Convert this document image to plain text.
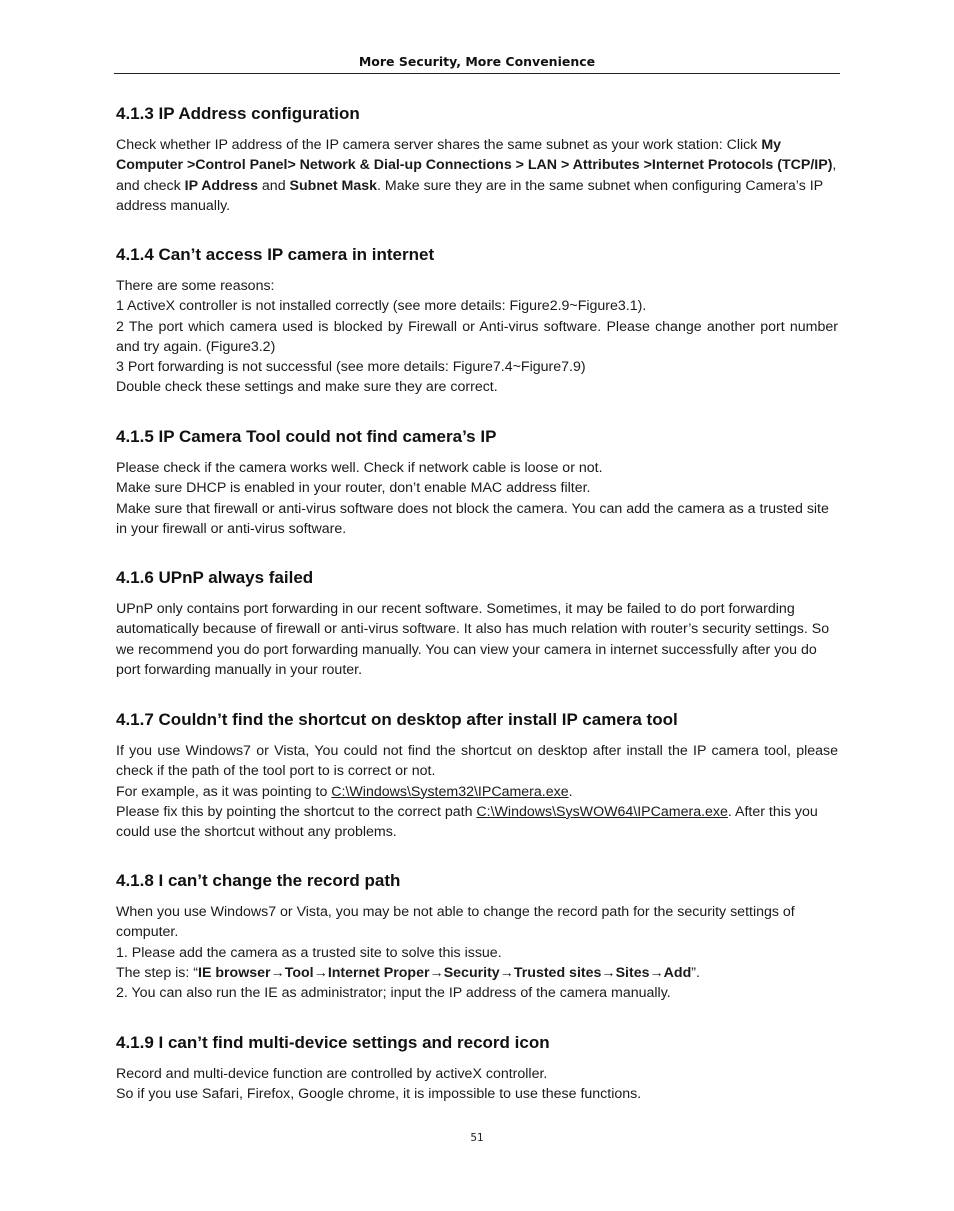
More Security, More Convenience
4.1.3 IP Address configuration

Check whether IP address of the IP camera server shares the same subnet as your work station: Click My Computer >Control Panel> Network & Dial-up Connections > LAN > Attributes >Internet Protocols (TCP/IP), and check IP Address and Subnet Mask. Make sure they are in the same subnet when configuring Camera’s IP address manually.

4.1.4 Can’t access IP camera in internet

There are some reasons:

1 ActiveX controller is not installed correctly (see more details: Figure2.9~Figure3.1).

2 The port which camera used is blocked by Firewall or Anti-virus software. Please change another port number and try again. (Figure3.2)

3 Port forwarding is not successful (see more details: Figure7.4~Figure7.9)

Double check these settings and make sure they are correct.

4.1.5 IP Camera Tool could not find camera’s IP

Please check if the camera works well. Check if network cable is loose or not.

Make sure DHCP is enabled in your router, don’t enable MAC address filter.

Make sure that firewall or anti-virus software does not block the camera. You can add the camera as a trusted site in your firewall or anti-virus software.

4.1.6 UPnP always failed

UPnP only contains port forwarding in our recent software. Sometimes, it may be failed to do port forwarding automatically because of firewall or anti-virus software. It also has much relation with router’s security settings. So we recommend you do port forwarding manually. You can view your camera in internet successfully after you do port forwarding manually in your router.

4.1.7 Couldn’t find the shortcut on desktop after install IP camera tool

If you use Windows7 or Vista, You could not find the shortcut on desktop after install the IP camera tool, please check if the path of the tool port to is correct or not.

For example, as it was pointing to C:\Windows\System32\IPCamera.exe.

Please fix this by pointing the shortcut to the correct path C:\Windows\SysWOW64\IPCamera.exe. After this you could use the shortcut without any problems.

4.1.8 I can’t change the record path

When you use Windows7 or Vista, you may be not able to change the record path for the security settings of computer.

1. Please add the camera as a trusted site to solve this issue.

The step is: “IE browser→Tool→Internet Proper→Security→Trusted sites→Sites→Add”.

2. You can also run the IE as administrator; input the IP address of the camera manually.

4.1.9 I can’t find multi-device settings and record icon

Record and multi-device function are controlled by activeX controller.

So if you use Safari, Firefox, Google chrome, it is impossible to use these functions.

51
